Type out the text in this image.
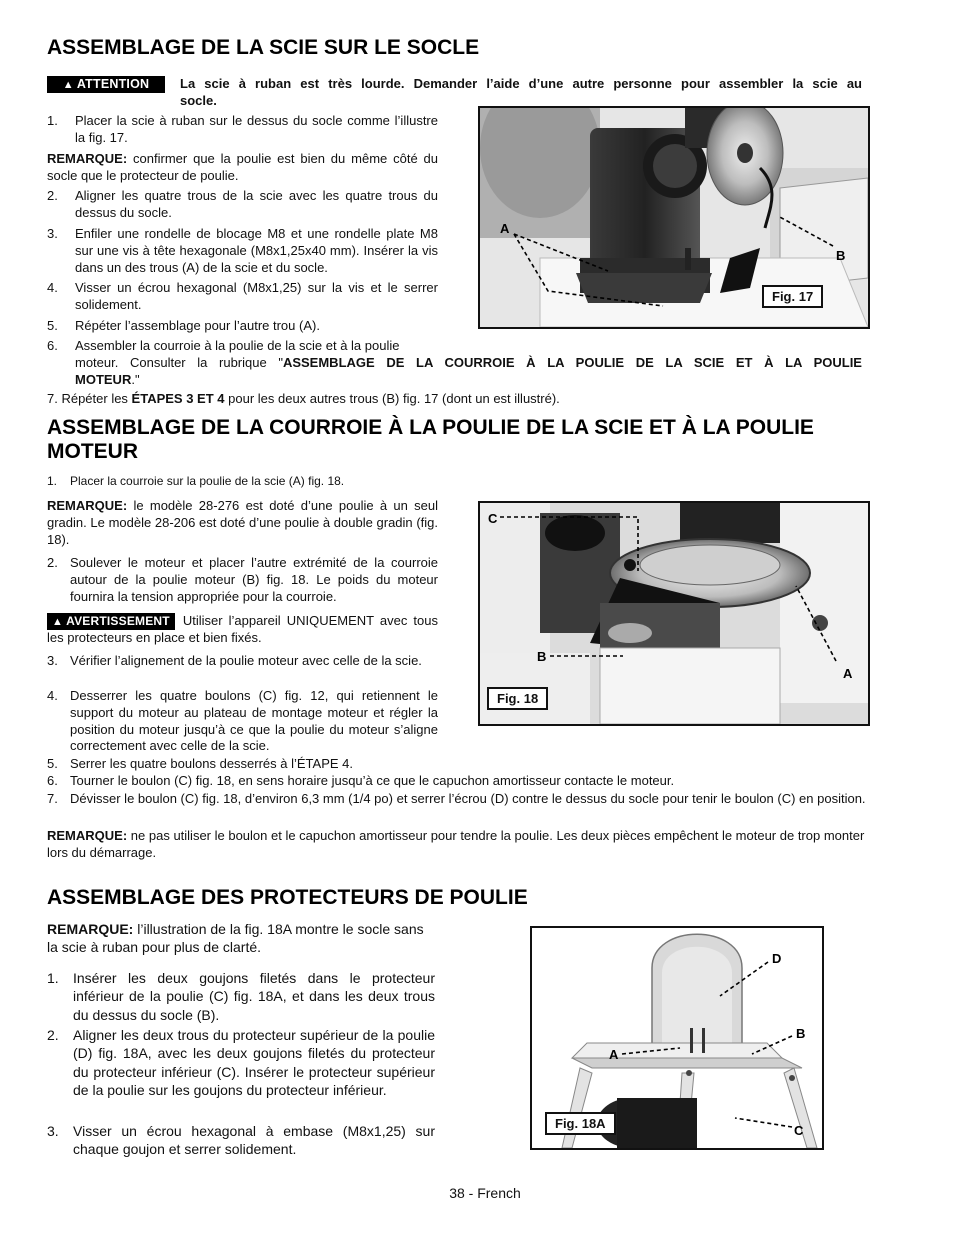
ASSEMBLAGE DE LA SCIE SUR LE SOCLE
▲ ATTENTION	La scie à ruban est très lourde. Demander l’aide d’une autre personne pour assembler la scie au
socle.
1. Placer la scie à ruban sur le dessus du socle comme l’illustre la fig. 17.
REMARQUE: confirmer que la poulie est bien du même côté du socle que le protecteur de poulie.
2. Aligner les quatre trous de la scie avec les quatre trous du dessus du socle.
3. Enfiler une rondelle de blocage M8 et une rondelle plate M8 sur une vis à tête hexagonale (M8x1,25x40 mm). Insérer la vis dans un des trous (A) de la scie et du socle.
4. Visser un écrou hexagonal (M8x1,25) sur la vis et le serrer solidement.
5. Répéter l’assemblage pour l’autre trou (A).
6. Assembler la courroie à la poulie de la scie et à la poulie
moteur. Consulter la rubrique "ASSEMBLAGE DE LA COURROIE À LA POULIE DE LA SCIE ET À LA POULIE
MOTEUR."
7. Répéter les ÉTAPES 3 ET 4 pour les deux autres trous (B) fig. 17 (dont un est illustré).
Fig. 17
A
B
ASSEMBLAGE DE LA COURROIE À LA POULIE DE LA SCIE ET À LA POULIE
MOTEUR
1. Placer la courroie sur la poulie de la scie (A) fig. 18.
REMARQUE: le modèle 28-276 est doté d’une poulie à un seul gradin. Le modèle 28-206 est doté d’une poulie à double gradin (fig. 18).
2. Soulever le moteur et placer l’autre extrémité de la courroie autour de la poulie moteur (B) fig. 18. Le poids du moteur fournira la tension appropriée pour la courroie.
▲ AVERTISSEMENT Utiliser l’appareil UNIQUEMENT avec tous les protecteurs en place et bien fixés.
3. Vérifier l’alignement de la poulie moteur avec celle de la scie.
4. Desserrer les quatre boulons (C) fig. 12, qui retiennent le support du moteur au plateau de montage moteur et régler la position du moteur jusqu’à ce que la poulie du moteur s’aligne correctement avec celle de la scie.
5. Serrer les quatre boulons desserrés à l’ÉTAPE 4.
6. Tourner le boulon (C) fig. 18, en sens horaire jusqu’à ce que le capuchon amortisseur contacte le moteur.
7. Dévisser le boulon (C) fig. 18, d’environ 6,3 mm (1/4 po) et serrer l’écrou (D) contre le dessus du socle pour tenir le boulon (C) en position.
REMARQUE: ne pas utiliser le boulon et le capuchon amortisseur pour tendre la poulie. Les deux pièces empêchent le moteur de trop monter lors du démarrage.
Fig. 18
C
B
A
ASSEMBLAGE DES PROTECTEURS DE POULIE
REMARQUE: l’illustration de la fig. 18A montre le socle sans la scie à ruban pour plus de clarté.
1. Insérer les deux goujons filetés dans le protecteur inférieur de la poulie (C) fig. 18A, et dans les deux trous du dessus du socle (B).
2. Aligner les deux trous du protecteur supérieur de la poulie (D) fig. 18A, avec les deux goujons filetés du protecteur du protecteur inférieur (C). Insérer le protecteur supérieur de la poulie sur les goujons du protecteur inférieur.
3. Visser un écrou hexagonal à embase (M8x1,25) sur chaque goujon et serrer solidement.
Fig. 18A
D
B
A
C
38 - French
